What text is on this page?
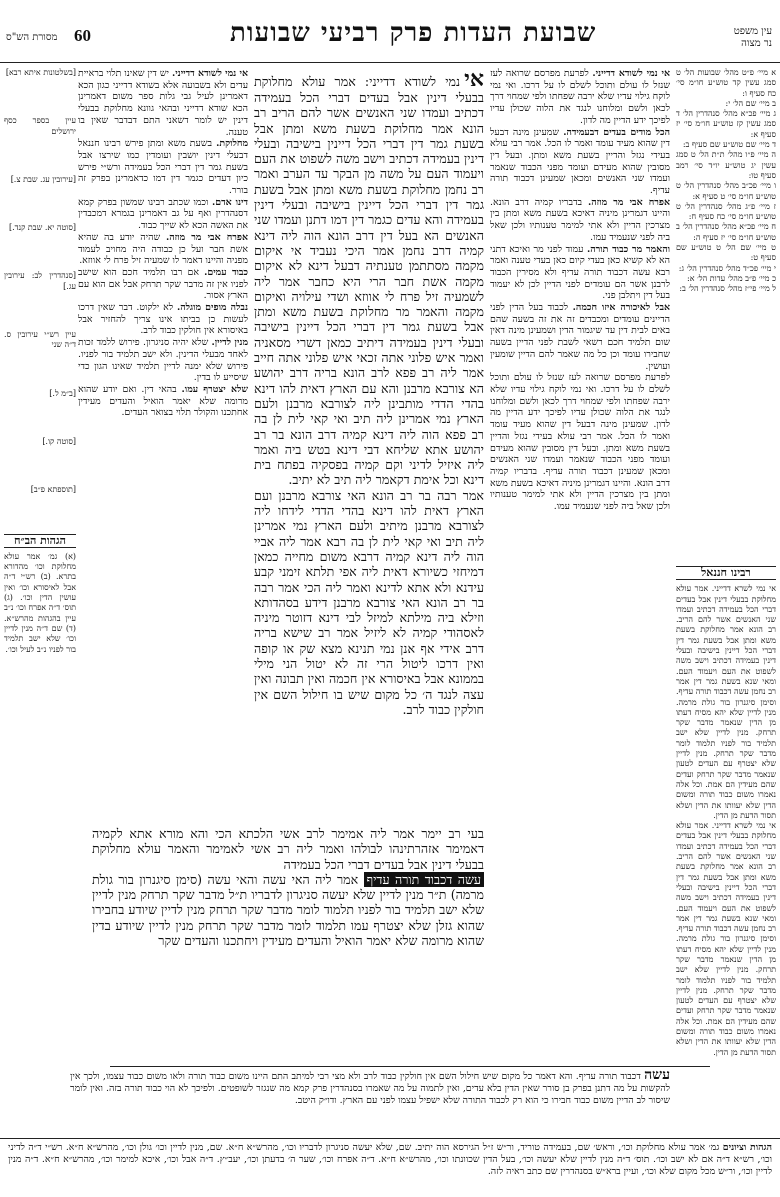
שבועת העדות פרק רביעי שבועות
60
מסורת הש"ס
עין משפט
נר מצוה

א מיי׳ פ״ט מהל׳ שבועות הל׳ ט סמג עשין קד טוש״ע חו״מ סי׳ כח סעיף ו:

ב מיי׳ שם הל׳ י:

ג מיי׳ פכ״א מהל׳ סנהדרין הל׳ ד סמג עשין קז טוש״ע חו״מ סי׳ יז סעיף א:

ד מיי׳ שם טוש״ע שם סעיף ב:

ה מיי׳ פ״ו מהל׳ ת״ת הל׳ ט סמג עשין יג טוש״ע יו״ד סי׳ רמב סעיף טו:

ו מיי׳ פכ״ב מהל׳ סנהדרין הל׳ ט טוש״ע חו״מ סי׳ ט סעיף א:

ז מיי׳ פ״ג מהל׳ סנהדרין הל׳ ט טוש״ע חו״מ סי׳ כח סעיף ח:

ח מיי׳ פכ״א מהל׳ סנהדרין הל׳ ב טוש״ע חו״מ סי׳ יז סעיף ה:

ט מיי׳ שם הל׳ ט טוש״ע שם סעיף ט:

י מיי׳ פכ״ד מהל׳ סנהדרין הל׳ ג:

כ מיי׳ פ״ב מהל׳ עדות הל׳ א:

ל מיי׳ פי״ז מהל׳ סנהדרין הל׳ ב:

רבינו חננאל

אי נמי לשרא דדייני. אמר עולא מחלוקת בבעלי דינין אבל בעדים דברי הכל בעמידה דכתיב ועמדו שני האנשים אשר להם הריב. רב הונא אמר מחלוקת בשעת משא ומתן אבל בשעת גמר דין דברי הכל דיינין בישיבה ובעלי דינין בעמידה דכתיב וישב משה לשפוט את העם ויעמוד העם. ומאי שנא בשעת גמר דין אמר רב נחמן עשה דכבוד תורה עדיף. וסימן סיגנרון בור גולת מרמה. מנין לדיין שלא יהא מסיח דעתו מן הדין שנאמר מדבר שקר תרחק. מנין לדיין שלא ישב תלמיד בור לפניו תלמוד לומר מדבר שקר תרחק. מנין לדיין שלא יצטרף עם העדים לטעון שנאמר מדבר שקר תרחק ועדים שהם מעידין הם אמת. וכל אלה נאמרו משום כבוד תורה ומשום הדין שלא יעוותו את הדין ושלא תסור הדעת מן הדין.

אי נמי לשרא דדייני. אמר עולא מחלוקת בבעלי דינין אבל בעדים דברי הכל בעמידה דכתיב ועמדו שני האנשים אשר להם הריב. רב הונא אמר מחלוקת בשעת משא ומתן אבל בשעת גמר דין דברי הכל דיינין בישיבה ובעלי דינין בעמידה דכתיב וישב משה לשפוט את העם ויעמוד העם. ומאי שנא בשעת גמר דין אמר רב נחמן עשה דכבוד תורה עדיף. וסימן סיגנרון בור גולת מרמה. מנין לדיין שלא יהא מסיח דעתו מן הדין שנאמר מדבר שקר תרחק. מנין לדיין שלא ישב תלמיד בור לפניו תלמוד לומר מדבר שקר תרחק. מנין לדיין שלא יצטרף עם העדים לטעון שנאמר מדבר שקר תרחק ועדים שהם מעידין הם אמת. וכל אלה נאמרו משום כבוד תורה ומשום הדין שלא יעוותו את הדין ושלא תסור הדעת מן הדין.

אי נמי לשודא דדייני. לפרעת מפרסם שרואה לעז שנזל לו עולם ותוכל לשלם לו על דרכו. ואי נמי לוקח גילוי עדיו שלא ירבה שפחתו ולפי שמחוי דרך לכאן ולשם ומלוחנו לנגד את הלוה שכולן עדיו לפיכך ידע הדיין מה לדון.

הכל מודים בעדים דבעמידה. שמעינן מינה דבעל דין שהוא מעיד עומד ואמר לו הכל. אמר רבי עולא בעידי נגזל והדיין בשעת משא ומתן. ובעל דין מסובין שהוא מעידם ועומד מפני הכבוד שנאמר ועמדו שני האנשים ומכאן שמעינן דכבוד תורה עדיף.

אפרח אבי מר מוזה. בדבריו קמיה דרב הונא. והיינו דגמרינן מיניה דאיכא בשעת משא ומתן בין מצרכין הדיין ולא אתי למימר טענותיו ולכן שאל ביה לפני שנעמיד עמו.

והאמר מר כבוד תורה. עמוד לפני מר ואיכא דתני הא לא קשיא כאן בעדי קיום כאן בעדי טענה ואמר רבא עשה דכבוד תורה עדיף ולא מסירין הכבוד לרבנן אשר הם עומדים לפני הדיין לכן לא יעמוד בעל דין ויתלבן פני.

אבל לאיכורה איזו חכמה. לכבוד בעל הדין לפני הדיינים עומדים ומכבדים זה את זה בשעה שהם באים לבית דין עד שיגמור הדין ושמעינן מינה דאין שום תלמיד חכם רשאי לשבת לפני הדיין בשעה שחבירו עומד וכן כל מה שאמר להם הדיין שומעין ועושין.

לפרעת מפרסם שרואה לעז שנזל לו עולם ותוכל לשלם לו על דרכו. ואי נמי לוקח גילוי עדיו שלא ירבה שפחתו ולפי שמחוי דרך לכאן ולשם ומלוחנו לנגד את הלוה שכולן עדיו לפיכך ידע הדיין מה לדון. שמעינן מינה דבעל דין שהוא מעיד עומד ואמר לו הכל. אמר רבי עולא בעידי נגזל והדיין בשעת משא ומתן. ובעל דין מסובין שהוא מעידם ועומד מפני הכבוד שנאמר ועמדו שני האנשים ומכאן שמעינן דכבוד תורה עדיף. בדבריו קמיה דרב הונא. והיינו דגמרינן מיניה דאיכא בשעת משא ומתן בין מצרכין הדיין ולא אתי למימר טענותיו ולכן שאל ביה לפני שנעמיד עמו.

אינמי לשודא דדייני: אמר עולא מחלוקת בבעלי דינין אבל בעדים דברי הכל בעמידה דכתיב ועמדו שני האנשים אשר להם הריב רב הונא אמר מחלוקת בשעת משא ומתן אבל בשעת גמר דין דברי הכל דיינין בישיבה ובעלי דינין בעמידה דכתיב וישב משה לשפוט את העם ויעמוד העם על משה מן הבקר עד הערב ואמר רב נחמן מחלוקת בשעת משא ומתן אבל בשעת גמר דין דברי הכל דיינין בישיבה ובעלי דינין בעמידה והא עדים כגמר דין דמו דתנן ועמדו שני האנשים הא בעל דין דרב הונא הוה ליה דינא קמיה דרב נחמן אמר היכי נעביד אי איקום מקמה מסתתמן טענתיה דבעל דינא לא איקום מקמה אשת חבר הרי היא כחבר אמר ליה לשמעיה זיל פרח לי אווזא ושדי עילויה ואיקום מקמה והאמר מר מחלוקת בשעת משא ומתן אבל בשעת גמר דין דברי הכל דיינין בישיבה ובעלי דינין בעמידה דיתיב כמאן דשרי מסאניה ואמר איש פלוני אתה זכאי איש פלוני אתה חייב אמר ליה רב פפא לרב הונא בריה דרב יהושע הא צורבא מרבנן והא עם הארץ דאית להו דינא בהדי הדדי מותבינן ליה לצורבא מרבנן ולעם הארץ נמי אמרינן ליה תיב ואי קאי לית לן בה רב פפא הוה ליה דינא קמיה דרב הונא בר רב יהושע אתא שליחא דבי דינא בטש ביה ואמר ליה איזיל לדיני וקם קמיה בפסקיה בפתח בית דינא וכל אימת דקאמר ליה תיב לא יתיב.

אמר רבה בר רב הונא האי צורבא מרבנן ועם הארץ דאית להו דינא בהדי הדדי לידחו ליה לצורבא מרבנן מיתיב ולעם הארץ נמי אמרינן ליה תיב ואי קאי לית לן בה רבא אמר ליה אביי הוה ליה דינא קמיה דרבא משום מחייה כמאן דמיחזי כשיורא דאית ליה אפי תלתא זימני קבע עידנא ולא אתא לדינא ואמר ליה הכי אמר רבה בר רב הונא האי צורבא מרבנן דידע בסהדותא וזילא ביה מילתא למיזל לבי דינא דזוטר מיניה לאסהודי קמיה לא ליזיל אמר רב שישא בריה דרב אידי אף אנן נמי תנינא מצא שק או קופה ואין דרכו ליטול הרי זה לא יטול הני מילי בממונא אבל באיסורא אין חכמה ואין תבונה ואין עצה לנגד ה׳ כל מקום שיש בו חילול השם אין חולקין כבוד לרב.

בעי רב יימר אמר ליה אמימר לרב אשי הלכתא הכי והא מורא אתא לקמיה דאמימר אזהרתינהו לבולהו ואמר ליה רב אשי לאמימר והאמר עולא מחלוקת בבעלי דינין אבל בעדים דברי הכל בעמידה

עשה דכבוד תורה עדיף אמר ליה האי עשה והאי עשה (סימן סיגנרון בור גולת מרמה) ת״ר מנין לדיין שלא יעשה סניגרון לדבריו ת״ל מדבר שקר תרחק מנין לדיין שלא ישב תלמיד בור לפניו תלמוד לומר מדבר שקר תרחק מנין לדיין שיודע בחבירו שהוא גזלן שלא יצטרף עמו תלמוד לומר מדבר שקר תרחק מנין לדיין שיודע בדין שהוא מרומה שלא יאמר הואיל והעדים מעידין ויחתכנו והעדים שקר

אי נמי לשודא דדייני. יש דין שאינו תלוי בראיית עדים ולא בשבועה אלא בשודא דדייני כגון הכא דאמרינן לעיל גבי גלות ספר משום דאמרינן הכא שודא דדייני ובהאי גוונא מחלוקת בבעלי דינין יש לומר דשאני התם דבדבר שאין בו טענה.

מחלוקת. בשעת משא ומתן פירש רבינו חננאל דבעלי דינין יושבין ועומדין כמו שירצו אבל בשעת גמר דין דברי הכל בעמידה ורש״י פירש כיון דעדים כגמר דין דמו כדאמרינן בפרק זה בורר.

דינו אדם. וכמו שכתב רבינו שמשון בפרק קמא דסנהדרין ואף על גב דאמרינן בגמרא דמכבדין את האשה הכא לא שייך כבוד.

אפרח אבי מר מוזה. שהיה יודע בה שהיא אשת חבר ועל כן כבודה היה מחויב לעמוד מפניה והיינו דאמר לו שמעיה זיל פרח לי אווזא.

כבוד עמים. אם רבו תלמיד חכם הוא שישב לפניו אין זה מדבר שקר תרחק אבל אם הוא עם הארץ אסור.

נבלה מופים מוגלה. לא ילקוט. דבר שאין דרכו לעשות כן בביתו אינו צריך להחזיר אבל באיסורא אין חולקין כבוד לרב.

מנין לדיין. שלא יהיה סניגרון. פירוש ללמד זכות לאחד מבעלי הדינין. ולא ישב תלמיד בור לפניו. פירוש שלא ימנה לדיין תלמיד שאינו הגון כדי שיסייע לו בדין.

שלא יצטרף עמו. בהאי דין. ואם יודע שהוא מרומה שלא יאמר הואיל והעדים מעידין אחתכנו והקולר תלוי בצואר העדים.

[בשלטונות איתא רבא]

עיין בספר כסף ירושלים

[עירובין עג. שבת צ.]

[סוטה יא. שבת קנד.]

[סנהדרין לב: עירובין עג.]

עיין רש״י עירובין ס. ד״ה שני

[ב״מ ל.]

[סוטה קו.]

[תוספתא פ״ב]

הגהות הב״ח

(א) גמ׳ אמר עולא מחלוקת וכו׳ מהדורא בתרא. (ב) רש״י ד״ה אבל לאיסורא וכו׳ ואין עושין הדין וכו׳. (ג) תוס׳ ד״ה אפרח וכו׳ נ״ב עיין בהגהות מהרש״א. (ד) שם ד״ה מנין לדיין וכו׳ שלא ישב תלמיד בור לפניו נ״ב לעיל וכו׳.

עשה דכבוד תורה עדיף. והא דאמר כל מקום שיש חילול השם אין חולקין כבוד לרב ולא מצי רבי למיתב התם היינו משום כבוד תורה ולאו משום כבוד עצמו, ולכך אין להקשות על מה דתנן בפרק בן סורר שאין הדין בלא עדים, ואין לתמוה על מה שאמרו בסנהדרין פרק קמא מה שנגזר לשופטים. ולפיכך לא הוי כבוד תורה בזה. ואין לומר שיסור לב הדיין משום כבוד חבירו כי הוא רק לכבוד התורה שלא ישפיל עצמו לפני עם הארץ. ודו״ק היטב.
הגהות וציונים גמ׳ אמר עולא מחלוקת וכו׳, וראש׳ שם, בעמידה טוריד, ור״ש ז״ל הגירסא הוה יתיב. שם, שלא יעשה סניגרון לדבריו וכו׳, מהרש״א ח״א. שם, מנין לדיין וכו׳ גולן וכו׳, מהרש״א ח״א. רש״י ד״ה לדיני וכו׳, רש״א ד״ה אם לא ישב וכו׳. תוס׳ ד״ה מנין לדיין שלא יעשה וכו׳, בעל הדין שכוונתו וכו׳, מהרש״א ח״א. ד״ה אפרח וכו׳, שער ה׳ בדעתן וכו׳, יעב״ץ. ד״ה אבל וכו׳, איכא למימר וכו׳, מהרש״א ח״א. ד״ה מנין לדיין וכו׳, ור״ש מכל מקום שלא וכו׳, ועיין ברא״ש בסנהדרין שם כתב ראיה לזה.
